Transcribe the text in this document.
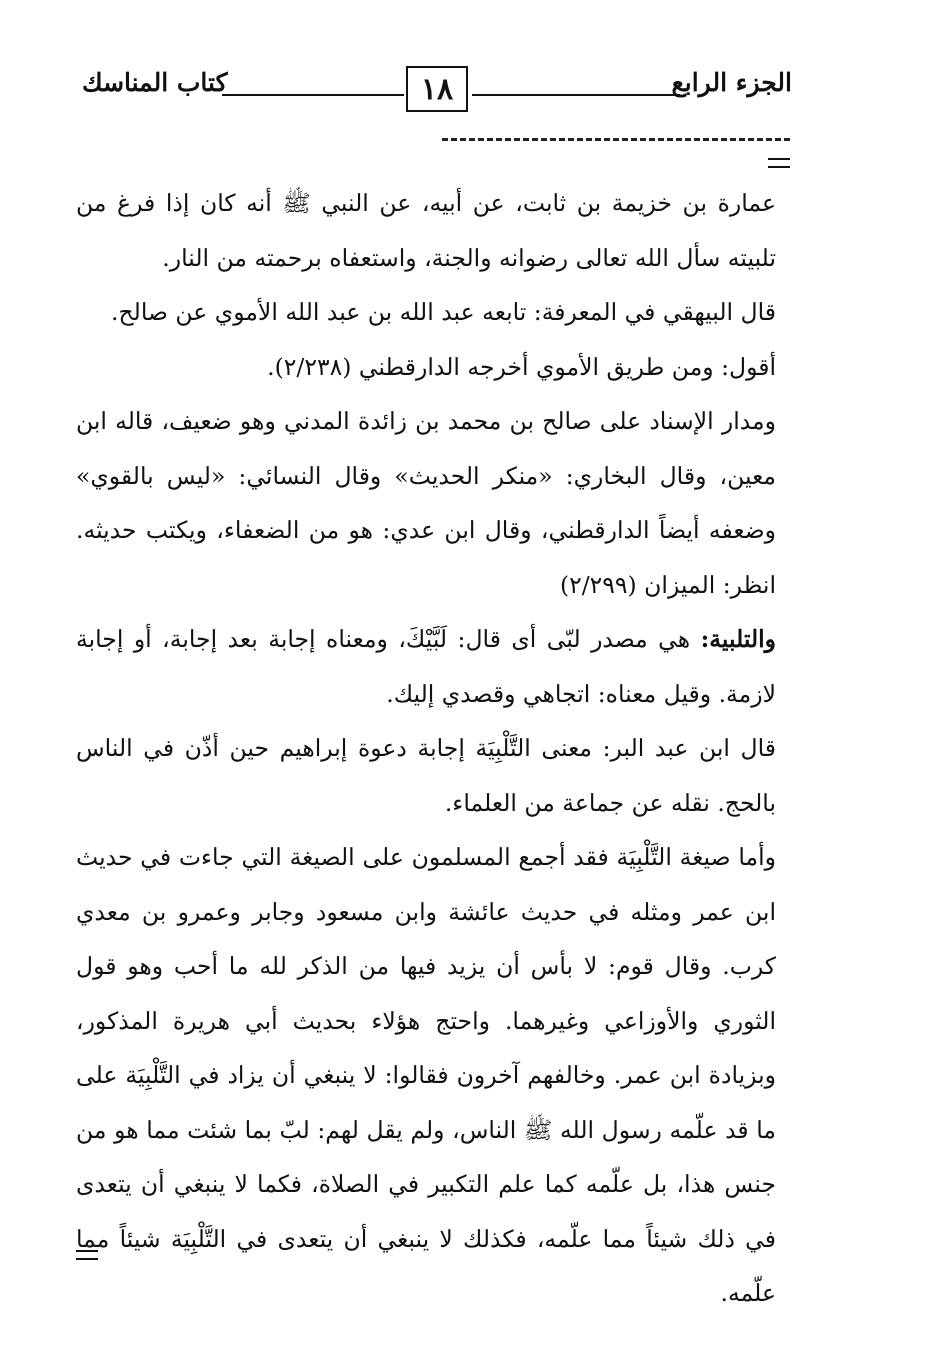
الجزء الرابع
١٨
كتاب المناسك

عمارة بن خزيمة بن ثابت، عن أبيه، عن النبي ﷺ أنه كان إذا فرغ من تلبيته سأل الله تعالى رضوانه والجنة، واستعفاه برحمته من النار.

قال البيهقي في المعرفة: تابعه عبد الله بن عبد الله الأموي عن صالح.

أقول: ومن طريق الأموي أخرجه الدارقطني (٢/٢٣٨).

ومدار الإسناد على صالح بن محمد بن زائدة المدني وهو ضعيف، قاله ابن معين، وقال البخاري: «منكر الحديث» وقال النسائي: «ليس بالقوي» وضعفه أيضاً الدارقطني، وقال ابن عدي: هو من الضعفاء، ويكتب حديثه. انظر: الميزان (٢/٢٩٩)

والتلبية: هي مصدر لبّى أى قال: لَبَّيْكَ، ومعناه إجابة بعد إجابة، أو إجابة لازمة. وقيل معناه: اتجاهي وقصدي إليك.

قال ابن عبد البر: معنى التَّلْبِيَة إجابة دعوة إبراهيم حين أذّن في الناس بالحج. نقله عن جماعة من العلماء.

وأما صيغة التَّلْبِيَة فقد أجمع المسلمون على الصيغة التي جاءت في حديث ابن عمر ومثله في حديث عائشة وابن مسعود وجابر وعمرو بن معدي كرب. وقال قوم: لا بأس أن يزيد فيها من الذكر لله ما أحب وهو قول الثوري والأوزاعي وغيرهما. واحتج هؤلاء بحديث أبي هريرة المذكور، وبزيادة ابن عمر. وخالفهم آخرون فقالوا: لا ينبغي أن يزاد في التَّلْبِيَة على ما قد علّمه رسول الله ﷺ الناس، ولم يقل لهم: لبّ بما شئت مما هو من جنس هذا، بل علّمه كما علم التكبير في الصلاة، فكما لا ينبغي أن يتعدى في ذلك شيئاً مما علّمه، فكذلك لا ينبغي أن يتعدى في التَّلْبِيَة شيئاً مما علّمه.
